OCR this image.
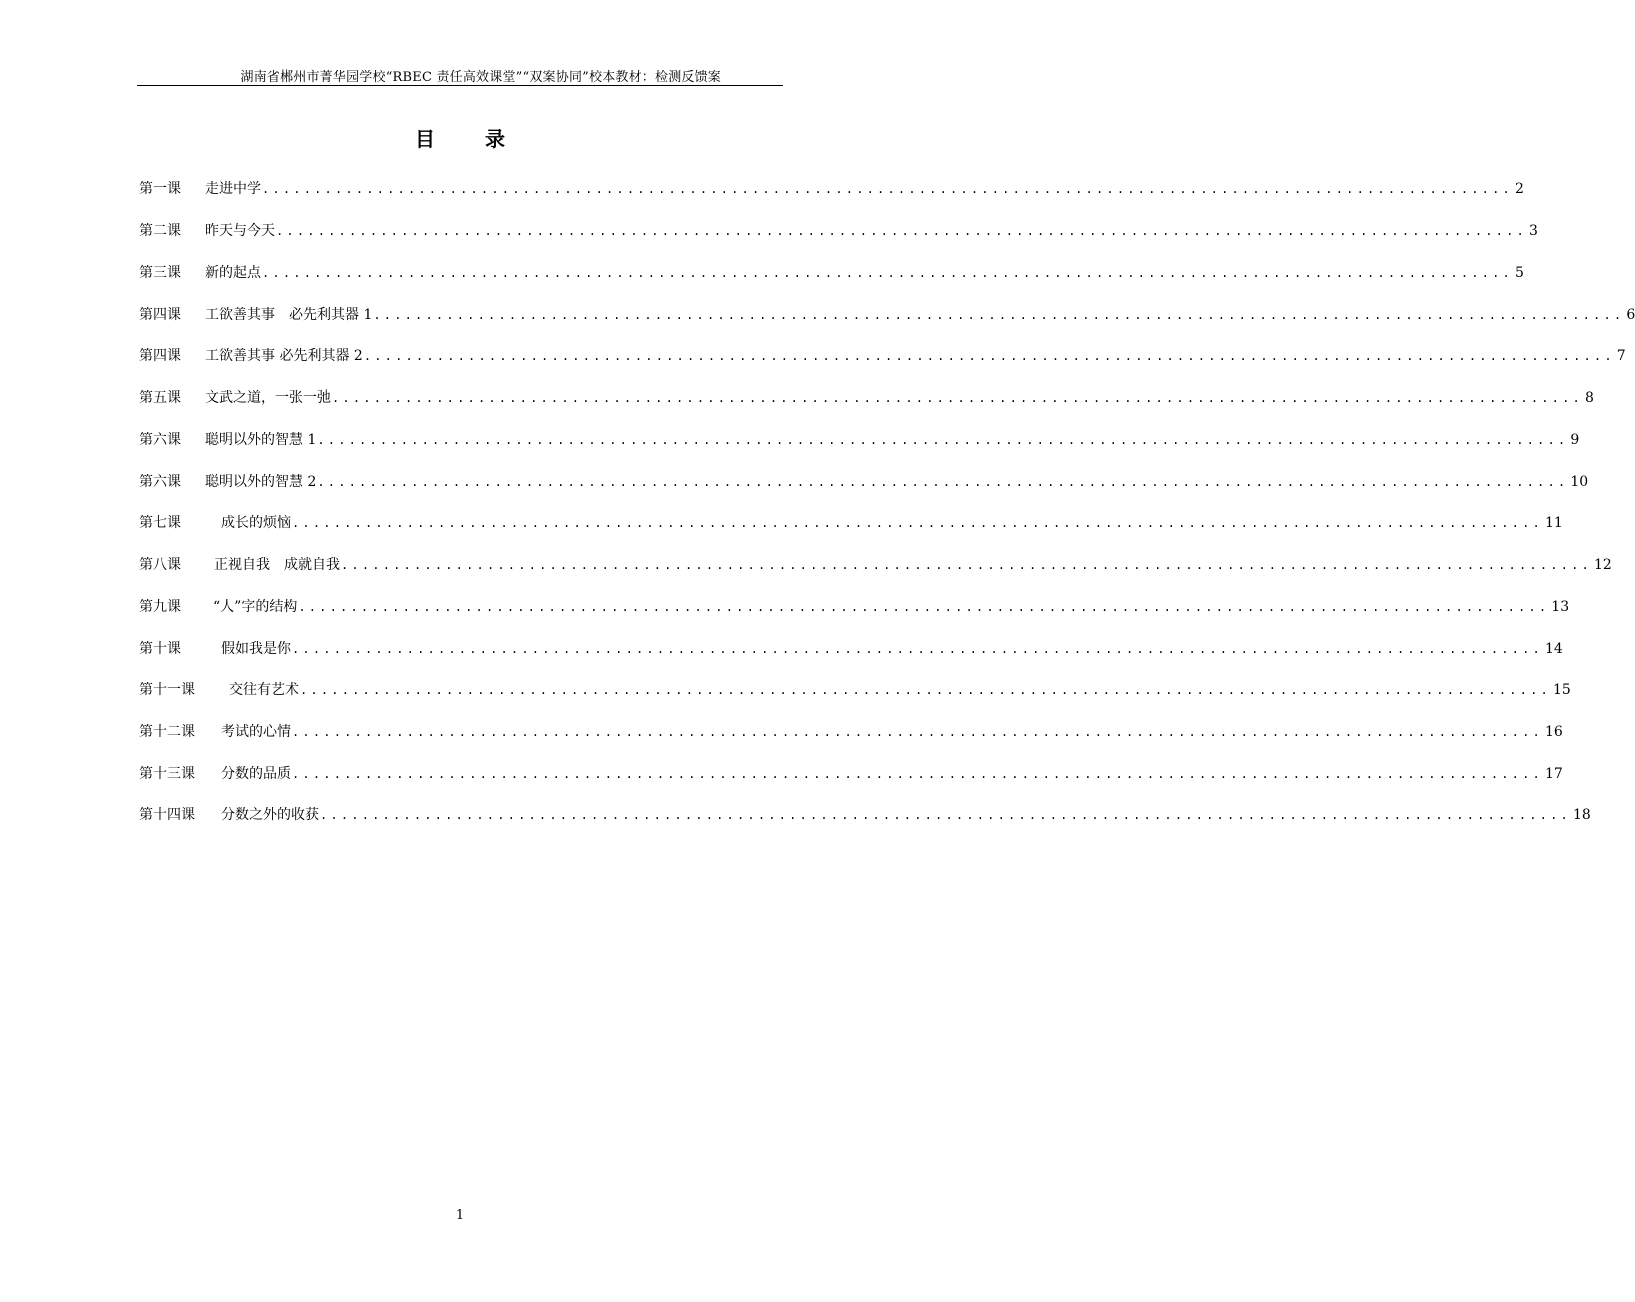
湖南省郴州市菁华园学校“RBEC 责任高效课堂”“双案协同”校本教材：检测反馈案
目	录
第一课	走进中学 ........................................................................................................................ 2
第二课	昨天与今天 ........................................................................................................................ 3
第三课	新的起点 ........................................................................................................................ 5
第四课	工欲善其事　必先利其器 1 ........................................................................................................................ 6
第四课	工欲善其事 必先利其器 2 ........................................................................................................................ 7
第五课	文武之道，一张一弛 ........................................................................................................................ 8
第六课	聪明以外的智慧 1 ........................................................................................................................ 9
第六课	聪明以外的智慧 2 ........................................................................................................................ 10
第七课	成长的烦恼 ........................................................................................................................ 11
第八课	正视自我　成就自我 ........................................................................................................................ 12
第九课	“人”字的结构 ........................................................................................................................ 13
第十课	假如我是你 ........................................................................................................................ 14
第十一课	交往有艺术 ........................................................................................................................ 15
第十二课	考试的心情 ........................................................................................................................ 16
第十三课	分数的品质 ........................................................................................................................ 17
第十四课	分数之外的收获 ........................................................................................................................ 18
1
